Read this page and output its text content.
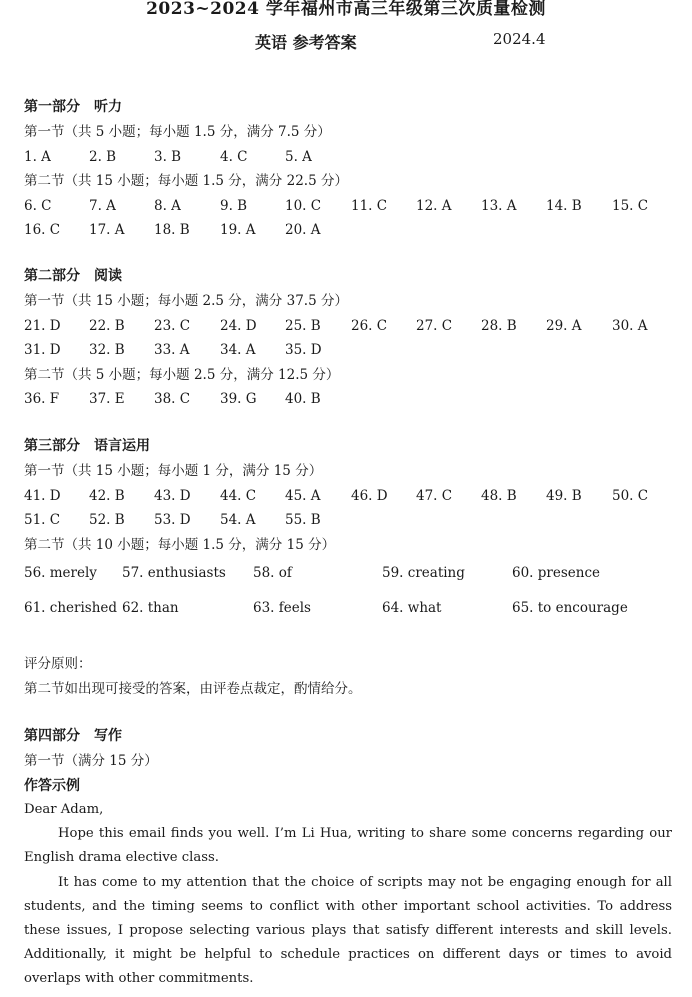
2023~2024 学年福州市高三年级第三次质量检测
英语 参考答案	2024.4
第一部分　听力
第一节（共 5 小题；每小题 1.5 分，满分 7.5 分）
1. A	2. B	3. B	4. C	5. A
第二节（共 15 小题；每小题 1.5 分，满分 22.5 分）
6. C	7. A	8. A	9. B	10. C 11. C 12. A 13. A 14. B 15. C
16. C 17. A 18. B 19. A 20. A
第二部分　阅读
第一节（共 15 小题；每小题 2.5 分，满分 37.5 分）
21. D 22. B 23. C 24. D 25. B 26. C 27. C 28. B 29. A 30. A
31. D 32. B 33. A 34. A 35. D
第二节（共 5 小题；每小题 2.5 分，满分 12.5 分）
36. F 37. E 38. C 39. G 40. B
第三部分　语言运用
第一节（共 15 小题；每小题 1 分，满分 15 分）
41. D 42. B 43. D 44. C 45. A 46. D 47. C 48. B 49. B 50. C
51. C 52. B 53. D 54. A 55. B
第二节（共 10 小题；每小题 1.5 分，满分 15 分）
56. merely 57. enthusiasts 58. of	59. creating	60. presence
61. cherished 62. than	63. feels	64. what	65. to encourage
评分原则：
第二节如出现可接受的答案，由评卷点裁定，酌情给分。
第四部分　写作
第一节（满分 15 分）
作答示例

Dear Adam,

Hope this email finds you well. I’m Li Hua, writing to share some concerns regarding our English drama elective class.

It has come to my attention that the choice of scripts may not be engaging enough for all students, and the timing seems to conflict with other important school activities. To address these issues, I propose selecting various plays that satisfy different interests and skill levels. Additionally, it might be helpful to schedule practices on different days or times to avoid overlaps with other commitments.
